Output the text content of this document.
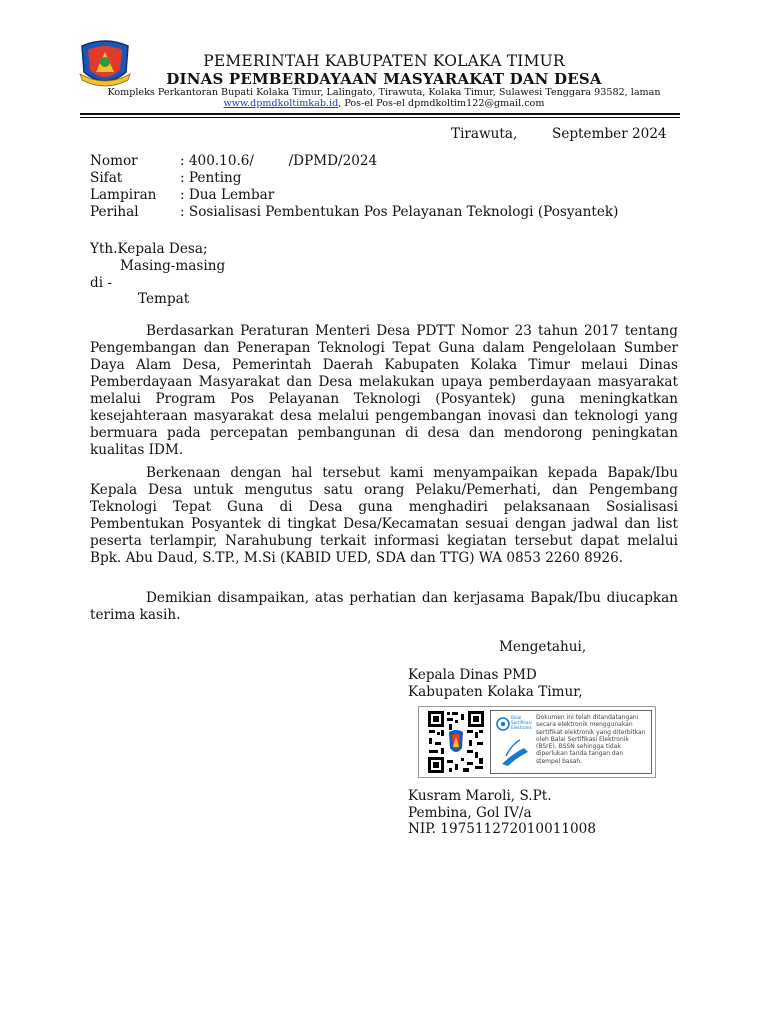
PEMERINTAH KABUPATEN KOLAKA TIMUR
DINAS PEMBERDAYAAN MASYARAKAT DAN DESA
Kompleks Perkantoran Bupati Kolaka Timur, Lalingato, Tirawuta, Kolaka Timur, Sulawesi Tenggara 93582, laman
www.dpmdkoltimkab.id, Pos-el Pos-el dpmdkoltim122@gmail.com
Tirawuta,	September 2024
Nomor	: 400.10.6/        /DPMD/2024
Sifat	: Penting
Lampiran	: Dua Lembar
Perihal	: Sosialisasi Pembentukan Pos Pelayanan Teknologi (Posyantek)
Yth.Kepala Desa;
Masing-masing
di -
Tempat
Berdasarkan Peraturan Menteri Desa PDTT Nomor 23 tahun 2017 tentang Pengembangan dan Penerapan Teknologi Tepat Guna dalam Pengelolaan Sumber Daya Alam Desa, Pemerintah Daerah Kabupaten Kolaka Timur melaui Dinas Pemberdayaan Masyarakat dan Desa melakukan upaya pemberdayaan masyarakat melalui Program Pos Pelayanan Teknologi (Posyantek) guna meningkatkan kesejahteraan masyarakat desa melalui pengembangan inovasi dan teknologi yang bermuara pada percepatan pembangunan di desa dan mendorong peningkatan kualitas IDM.
Berkenaan dengan hal tersebut kami menyampaikan kepada Bapak/Ibu Kepala Desa untuk mengutus satu orang Pelaku/Pemerhati, dan Pengembang Teknologi Tepat Guna di Desa guna menghadiri pelaksanaan Sosialisasi Pembentukan Posyantek di tingkat Desa/Kecamatan sesuai dengan jadwal dan list peserta terlampir, Narahubung terkait informasi kegiatan tersebut dapat melalui Bpk. Abu Daud, S.TP., M.Si (KABID UED, SDA dan TTG) WA 0853 2260 8926.
Demikian disampaikan, atas perhatian dan kerjasama Bapak/Ibu diucapkan terima kasih.
Mengetahui,
Kepala Dinas PMD
Kabupaten Kolaka Timur,
Balai Sertifikasi Elektronik
Dokumen ini telah ditandatangani secara elektronik menggunakan sertifikat elektronik yang diterbitkan oleh Balai Sertifikasi Elektronik (BSrE), BSSN sehingga tidak diperlukan tanda tangan dan stempel basah.
Kusram Maroli, S.Pt.
Pembina, Gol IV/a
NIP. 197511272010011008
